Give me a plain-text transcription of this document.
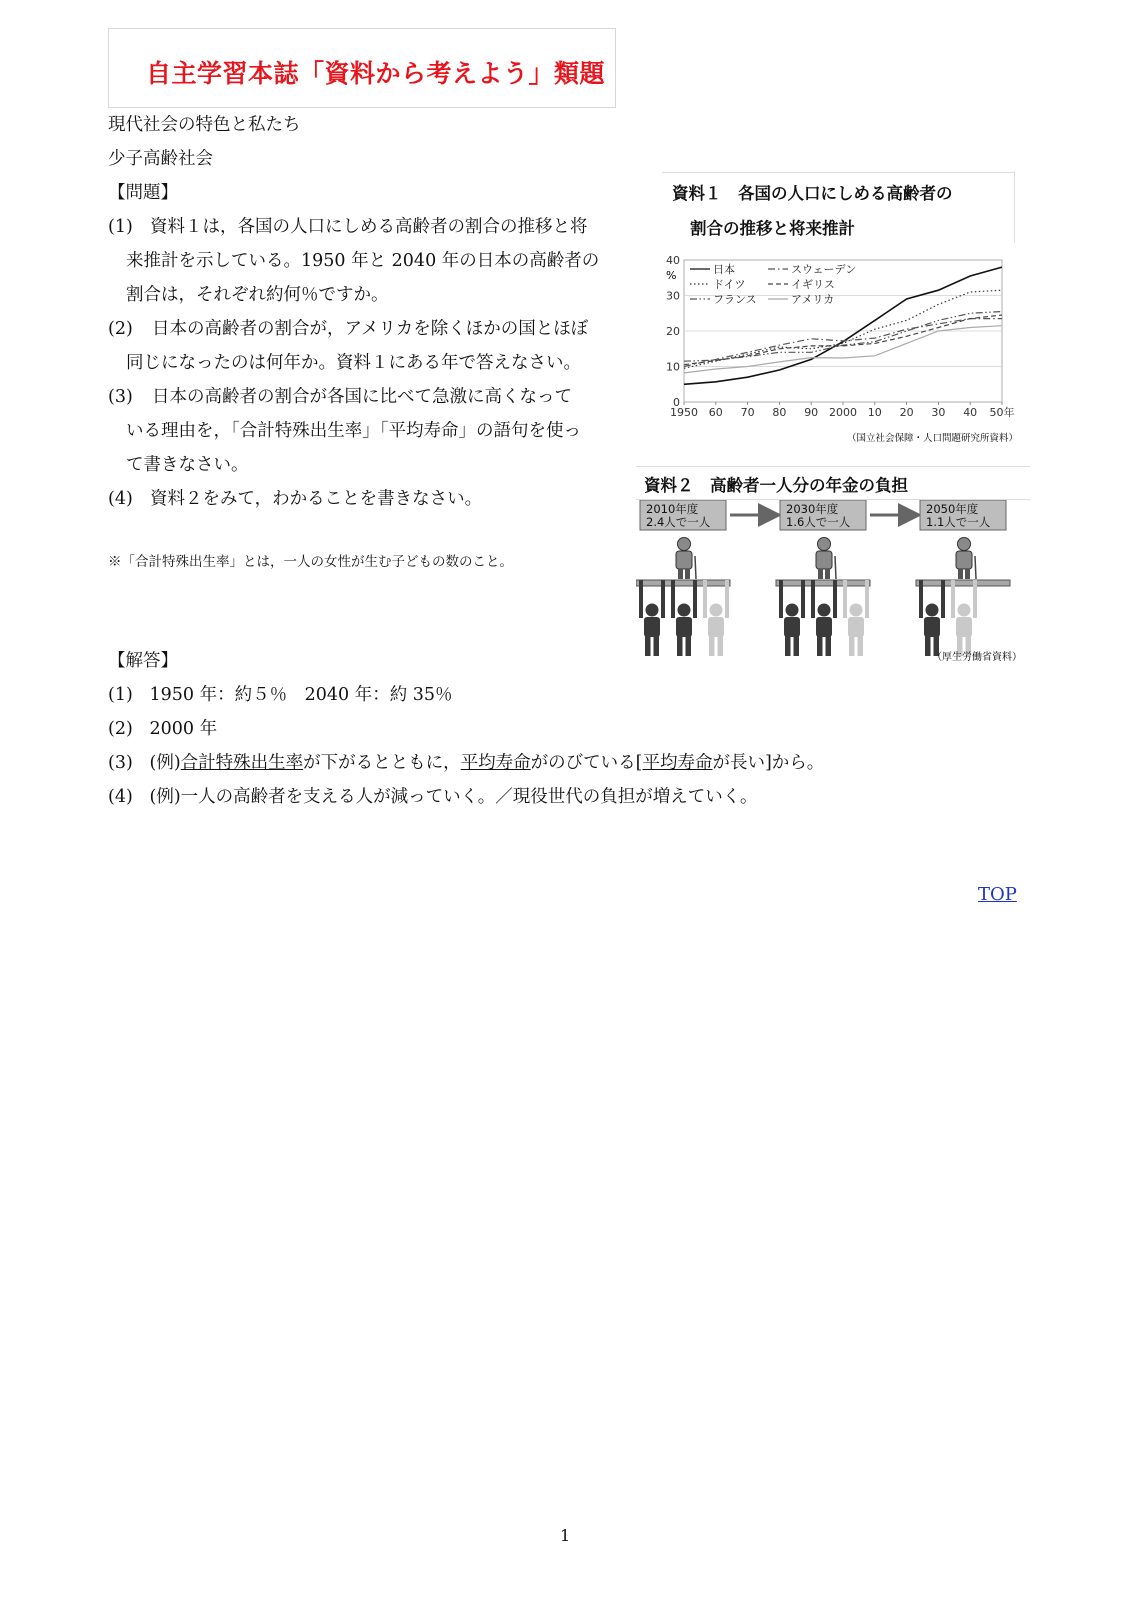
自主学習本誌「資料から考えよう」類題
現代社会の特色と私たち
少子高齢社会
【問題】
(1) 資料１は，各国の人口にしめる高齢者の割合の推移と将
来推計を示している。1950 年と 2040 年の日本の高齢者の
割合は，それぞれ約何％ですか。
(2) 日本の高齢者の割合が，アメリカを除くほかの国とほぼ
同じになったのは何年か。資料１にある年で答えなさい。
(3) 日本の高齢者の割合が各国に比べて急激に高くなって
いる理由を，「合計特殊出生率」「平均寿命」の語句を使っ
て書きなさい。
(4) 資料２をみて，わかることを書きなさい。
※「合計特殊出生率」とは，一人の女性が生む子どもの数のこと。
【解答】
(1) 1950 年：約５％　2040 年：約 35％
(2) 2000 年
(3) (例)合計特殊出生率が下がるとともに，平均寿命がのびている[平均寿命が長い]から。
(4) (例)一人の高齢者を支える人が減っていく。／現役世代の負担が増えていく。
TOP
1
資料１　各国の人口にしめる高齢者の
割合の推移と将来推計
0
10
20
30
40
1950 60 70 80 90 2000 10 20 30 40 50年
日本	スウェーデン
ドイツ	イギリス
フランス	アメリカ
%
（国立社会保障・人口問題研究所資料）
資料２　高齢者一人分の年金の負担
2010年度
2.4人で一人
2030年度
1.6人で一人
2050年度
1.1人で一人
（厚生労働省資料）
